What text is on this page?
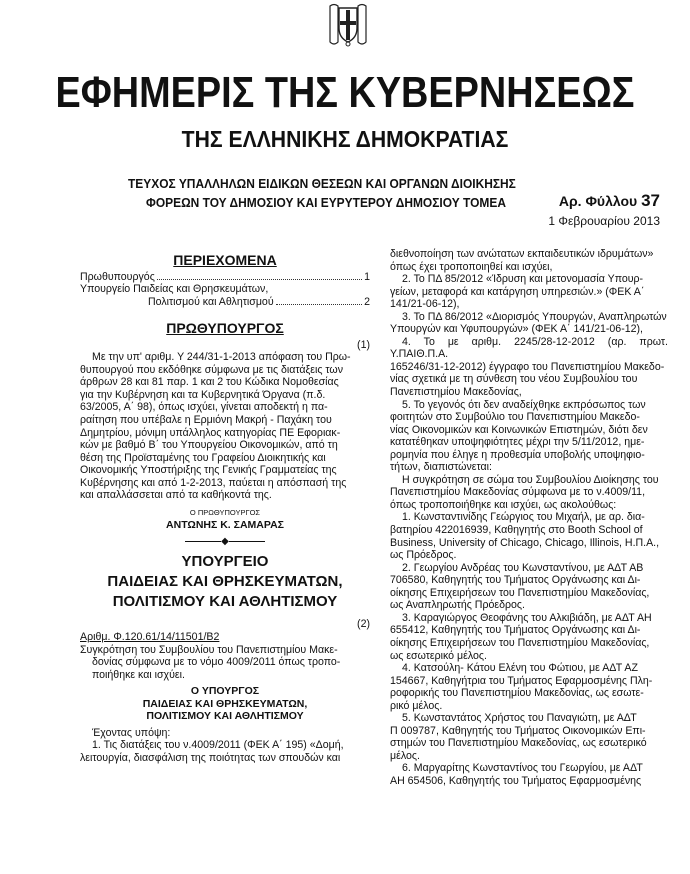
ΕΦΗΜΕΡΙΣ ΤΗΣ ΚΥΒΕΡΝΗΣΕΩΣ
ΤΗΣ ΕΛΛΗΝΙΚΗΣ ΔΗΜΟΚΡΑΤΙΑΣ
ΤΕΥΧΟΣ ΥΠΑΛΛΗΛΩΝ ΕΙΔΙΚΩΝ ΘΕΣΕΩΝ ΚΑΙ ΟΡΓΑΝΩΝ ΔΙΟΙΚΗΣΗΣ
ΦΟΡΕΩΝ ΤΟΥ ΔΗΜΟΣΙΟΥ ΚΑΙ ΕΥΡΥΤΕΡΟΥ ΔΗΜΟΣΙΟΥ ΤΟΜΕΑ	Αρ. Φύλλου 37
1 Φεβρουαρίου 2013
ΠΕΡΙΕΧΟΜΕΝΑ
Πρωθυπουργός	1
Υπουργείο Παιδείας και Θρησκευμάτων,
Πολιτισμού και Αθλητισμού	2
ΠΡΩΘΥΠΟΥΡΓΟΣ
(1)

Με την υπ' αριθμ. Υ 244/31-1-2013 απόφαση του Πρω-

θυπουργού που εκδόθηκε σύμφωνα με τις διατάξεις των

άρθρων 28 και 81 παρ. 1 και 2 του Κώδικα Νομοθεσίας

για την Κυβέρνηση και τα Κυβερνητικά Όργανα (π.δ.

63/2005, Α΄ 98), όπως ισχύει, γίνεται αποδεκτή η πα-

ραίτηση που υπέβαλε η Ερμιόνη Μακρή - Παχάκη του

Δημητρίου, μόνιμη υπάλληλος κατηγορίας ΠΕ Εφοριακ-

κών με βαθμό Β΄ του Υπουργείου Οικονομικών, από τη

θέση της Προϊσταμένης του Γραφείου Διοικητικής και

Οικονομικής Υποστήριξης της Γενικής Γραμματείας της

Κυβέρνησης και από 1-2-2013, παύεται η απόσπασή της

και απαλλάσσεται από τα καθήκοντά της.

Ο ΠΡΩΘΥΠΟΥΡΓΟΣ
ΑΝΤΩΝΗΣ Κ. ΣΑΜΑΡΑΣ
◆
ΥΠΟΥΡΓΕΙΟ
ΠΑΙΔΕΙΑΣ ΚΑΙ ΘΡΗΣΚΕΥΜΑΤΩΝ,
ΠΟΛΙΤΙΣΜΟΥ ΚΑΙ ΑΘΛΗΤΙΣΜΟΥ
(2)
Αριθμ. Φ.120.61/14/11501/Β2

Συγκρότηση του Συμβουλίου του Πανεπιστημίου Μακε-

δονίας σύμφωνα με το νόμο 4009/2011 όπως τροπο-

ποιήθηκε και ισχύει.

Ο ΥΠΟΥΡΓΟΣ
ΠΑΙΔΕΙΑΣ ΚΑΙ ΘΡΗΣΚΕΥΜΑΤΩΝ,
ΠΟΛΙΤΙΣΜΟΥ ΚΑΙ ΑΘΛΗΤΙΣΜΟΥ

Έχοντας υπόψη:

1. Τις διατάξεις του ν.4009/2011 (ΦΕΚ Α΄ 195) «Δομή,

λειτουργία, διασφάλιση της ποιότητας των σπουδών και

διεθνοποίηση των ανώτατων εκπαιδευτικών ιδρυμάτων»

όπως έχει τροποποιηθεί και ισχύει,

2. Το ΠΔ 85/2012 «Ίδρυση και μετονομασία Υπουρ-

γείων, μεταφορά και κατάργηση υπηρεσιών.» (ΦΕΚ Α΄

141/21-06-12),

3. Το ΠΔ 86/2012 «Διορισμός Υπουργών, Αναπληρωτών

Υπουργών και Υφυπουργών» (ΦΕΚ Α΄ 141/21-06-12),

4. Το με αριθμ. 2245/28-12-2012 (αρ. πρωτ. Υ.ΠΑΙΘ.Π.Α.

165246/31-12-2012) έγγραφο του Πανεπιστημίου Μακεδο-

νίας σχετικά με τη σύνθεση του νέου Συμβουλίου του

Πανεπιστημίου Μακεδονίας,

5. Το γεγονός ότι δεν αναδείχθηκε εκπρόσωπος των

φοιτητών στο Συμβούλιο του Πανεπιστημίου Μακεδο-

νίας Οικονομικών και Κοινωνικών Επιστημών, διότι δεν

κατατέθηκαν υποψηφιότητες μέχρι την 5/11/2012, ημε-

ρομηνία που έληγε η προθεσμία υποβολής υποψηφιο-

τήτων, διαπιστώνεται:

Η συγκρότηση σε σώμα του Συμβουλίου Διοίκησης του

Πανεπιστημίου Μακεδονίας σύμφωνα με το ν.4009/11,

όπως τροποποιήθηκε και ισχύει, ως ακολούθως:

1. Κωνσταντινίδης Γεώργιος του Μιχαήλ, με αρ. δια-

βατηρίου 422016939, Καθηγητής στο Booth School of

Business, University of Chicago, Chicago, Illinois, Η.Π.Α.,

ως Πρόεδρος.

2. Γεωργίου Ανδρέας του Κωνσταντίνου, με ΑΔΤ ΑΒ

706580, Καθηγητής του Τμήματος Οργάνωσης και Δι-

οίκησης Επιχειρήσεων του Πανεπιστημίου Μακεδονίας,

ως Αναπληρωτής Πρόεδρος.

3. Καραγιώργος Θεοφάνης του Αλκιβιάδη, με ΑΔΤ ΑΗ

655412, Καθηγητής του Τμήματος Οργάνωσης και Δι-

οίκησης Επιχειρήσεων του Πανεπιστημίου Μακεδονίας,

ως εσωτερικό μέλος.

4. Κατσούλη- Κάτου Ελένη του Φώτιου, με ΑΔΤ ΑΖ

154667, Καθηγήτρια του Τμήματος Εφαρμοσμένης Πλη-

ροφορικής του Πανεπιστημίου Μακεδονίας, ως εσωτε-

ρικό μέλος.

5. Κωνσταντάτος Χρήστος του Παναγιώτη, με ΑΔΤ

Π 009787, Καθηγητής του Τμήματος Οικονομικών Επι-

στημών του Πανεπιστημίου Μακεδονίας, ως εσωτερικό

μέλος.

6. Μαργαρίτης Κωνσταντίνος του Γεωργίου, με ΑΔΤ

ΑΗ 654506, Καθηγητής του Τμήματος Εφαρμοσμένης
